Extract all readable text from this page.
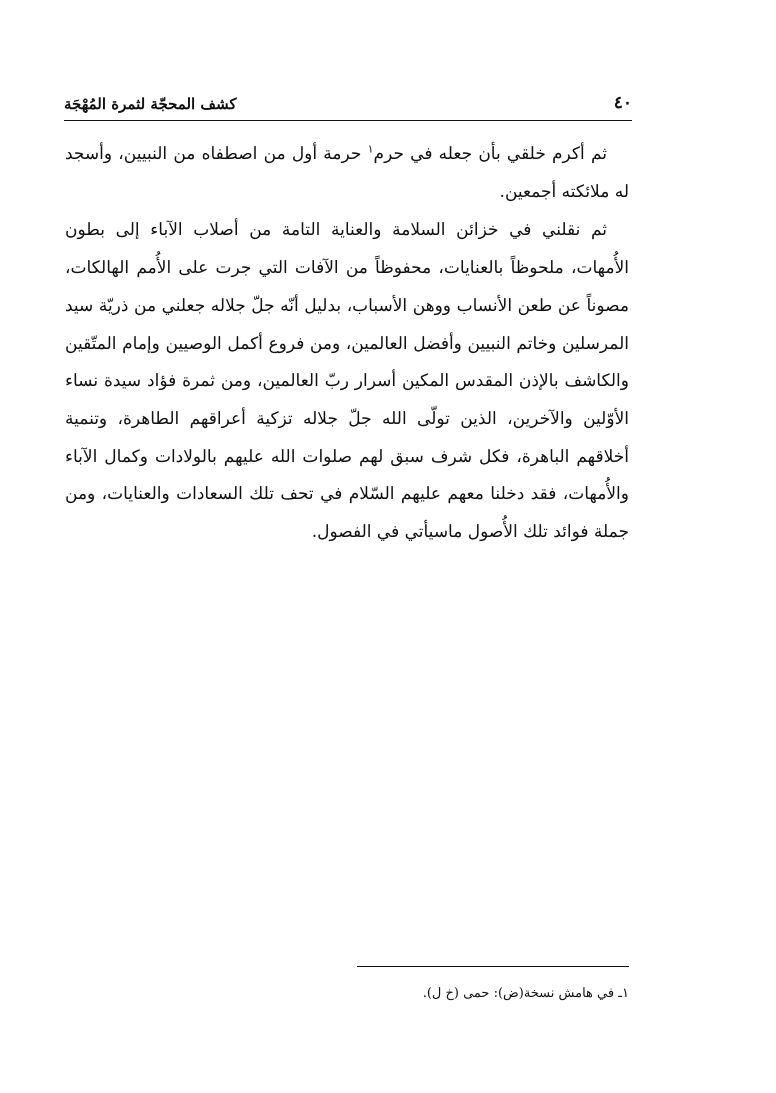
٤٠
كشف المحجّة لثمرة المُهْجَة

ثم أكرم خلقي بأن جعله في حرم$^١$ حرمة أول من اصطفاه من النبيين، وأسجد له ملائكته أجمعين.

ثم نقلني في خزائن السلامة والعناية التامة من أصلاب الآباء إلى بطون الأُمهات، ملحوظاً بالعنايات، محفوظاً من الآفات التي جرت على الأُمم الهالكات، مصوناً عن طعن الأنساب ووهن الأسباب، بدليل أنّه جلّ جلاله جعلني من ذريّة سيد المرسلين وخاتم النبيين وأفضل العالمين، ومن فروع أكمل الوصيين وإمام المتّقين والكاشف بالإذن المقدس المكين أسرار ربّ العالمين، ومن ثمرة فؤاد سيدة نساء الأوّلين والآخرين، الذين تولّى الله جلّ جلاله تزكية أعراقهم الطاهرة، وتنمية أخلاقهم الباهرة، فكل شرف سبق لهم صلوات الله عليهم بالولادات وكمال الآباء والأُمهات، فقد دخلنا معهم عليهم السّلام في تحف تلك السعادات والعنايات، ومن جملة فوائد تلك الأُصول ماسيأتي في الفصول.

١ـ في هامش نسخة(ض): حمى (خ ل).
